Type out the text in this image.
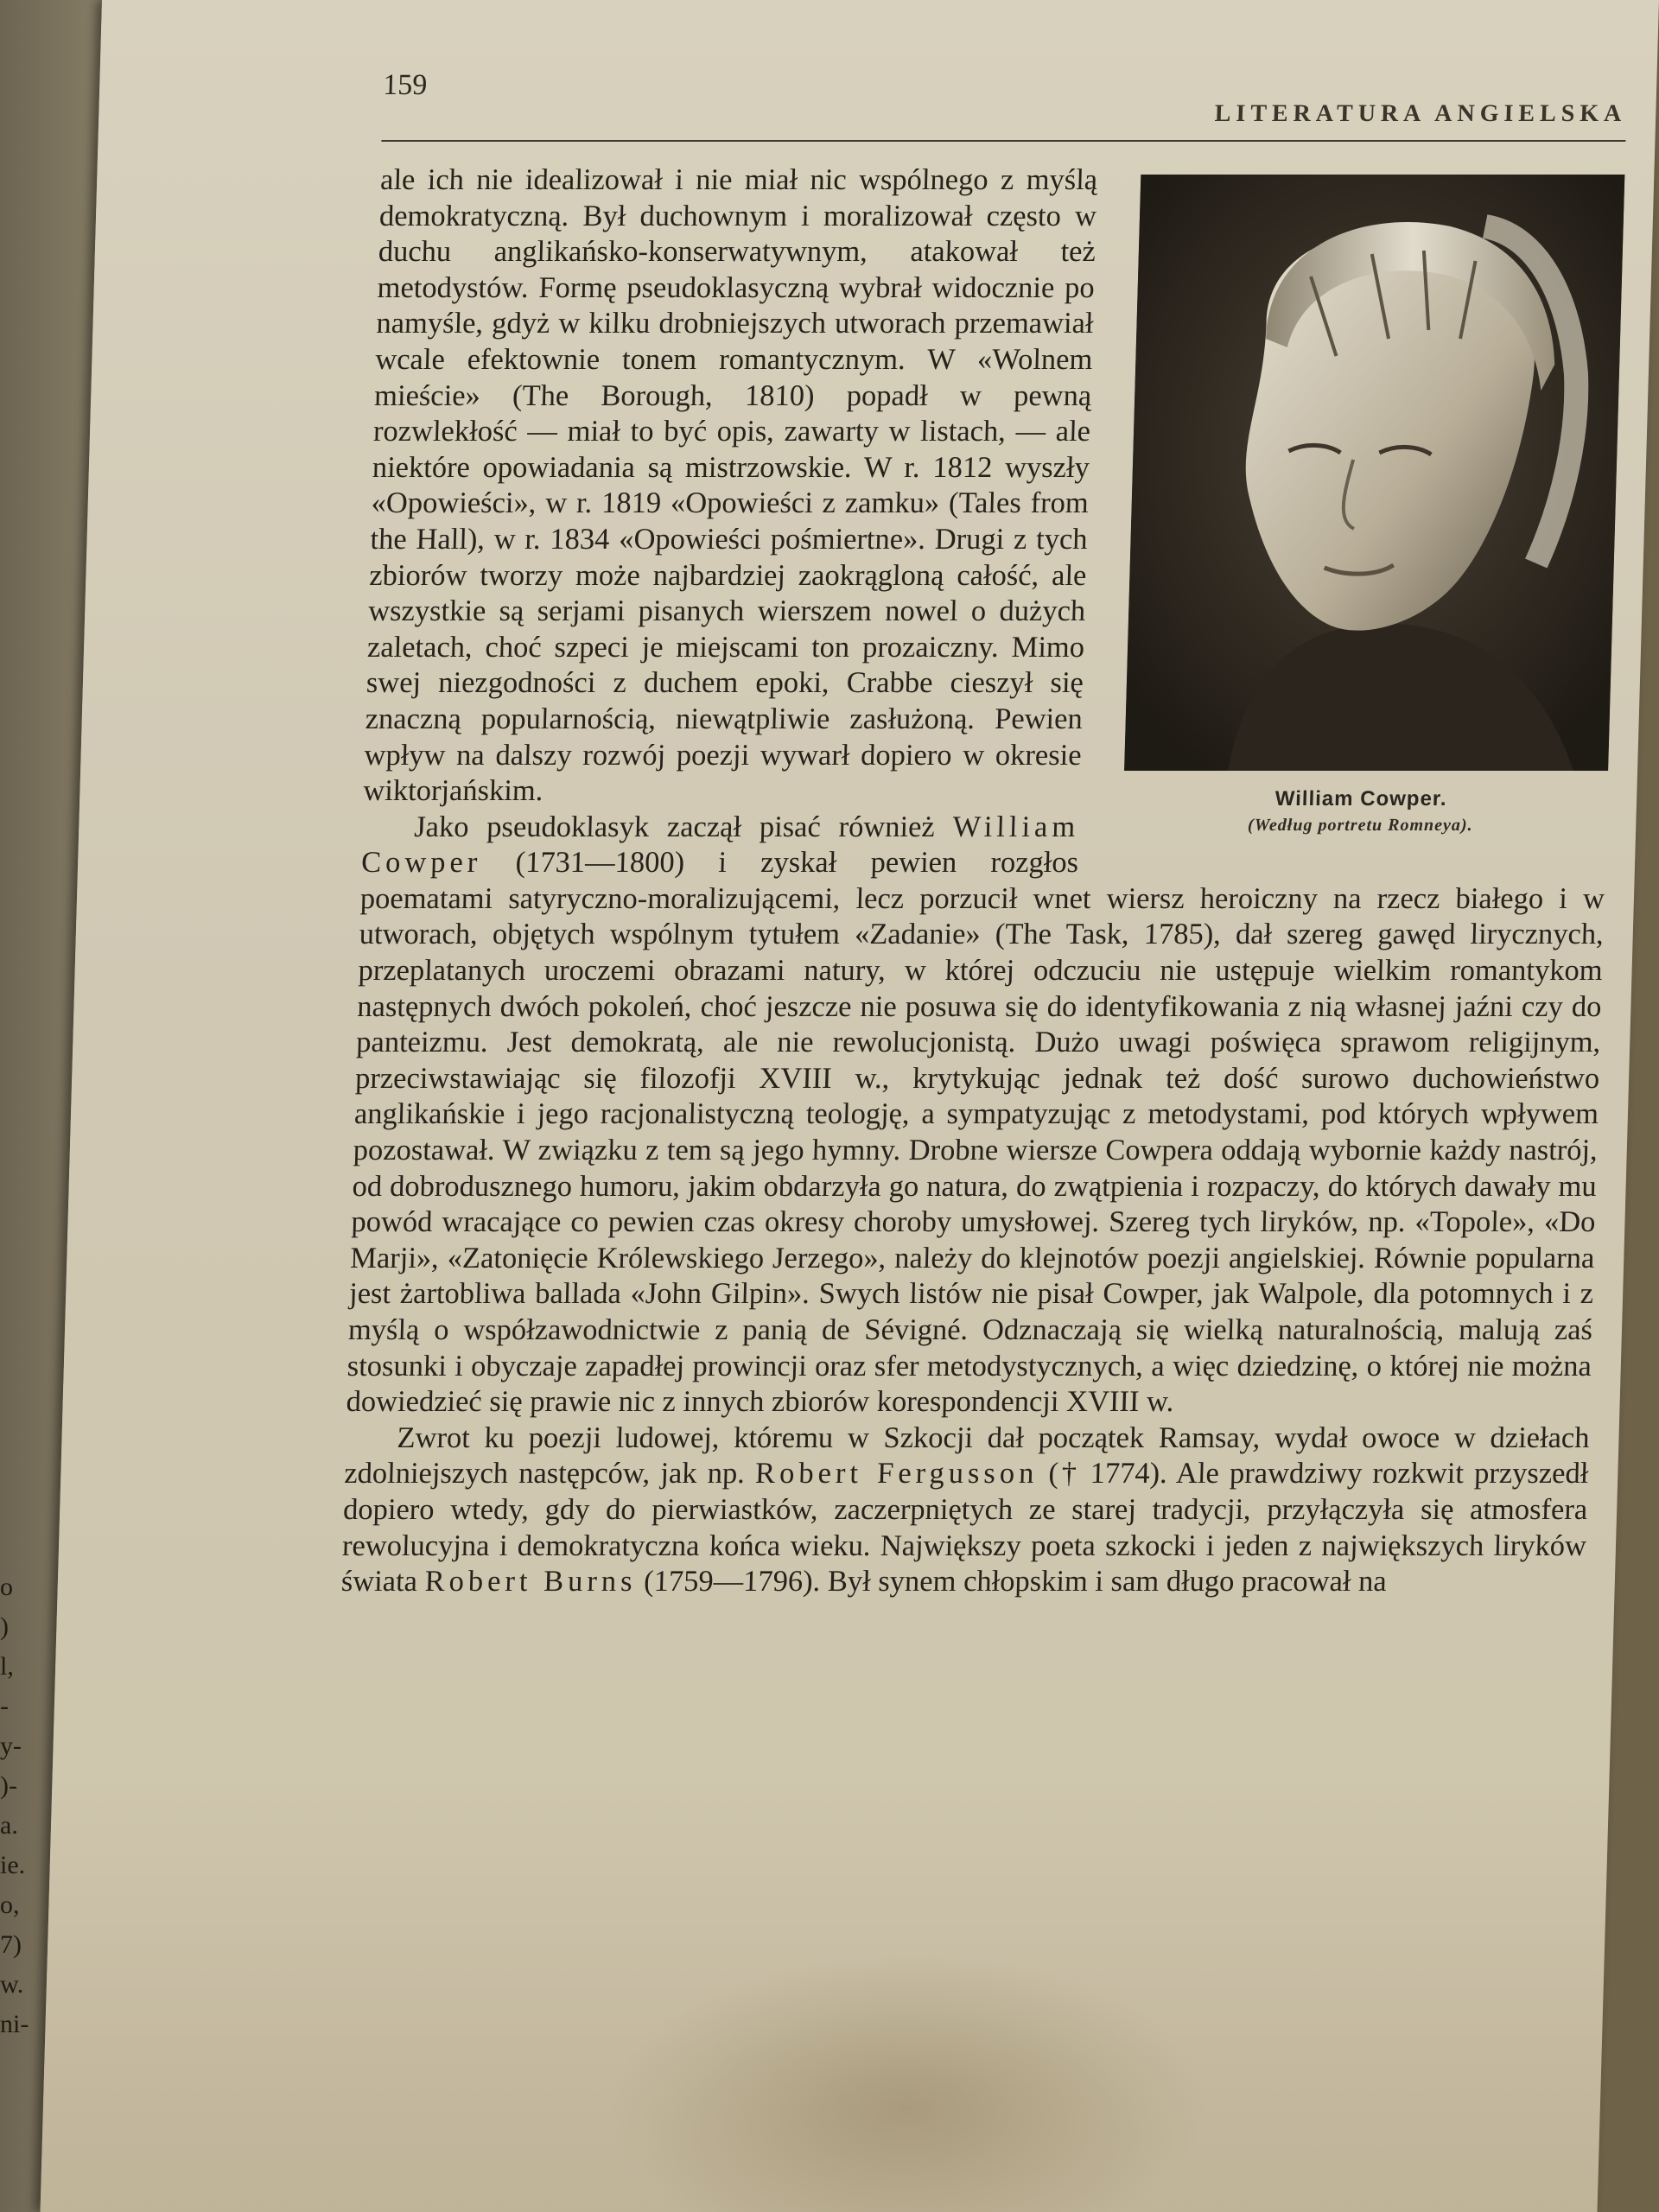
o
)
l,
-
y-
)-
a.
ie.
o,
7)
w.
ni-
159
LITERATURA ANGIELSKA
William Cowper.
(Według portretu Romneya).

ale ich nie idealizował i nie miał nic wspólnego z myślą demokratyczną. Był duchownym i moralizował często w duchu anglikańsko-konserwatywnym, atakował też metodystów. Formę pseudoklasyczną wybrał widocznie po namyśle, gdyż w kilku drobniejszych utworach przemawiał wcale efektownie tonem romantycznym. W «Wolnem mieście» (The Borough, 1810) popadł w pewną rozwlekłość — miał to być opis, zawarty w listach, — ale niektóre opowiadania są mistrzowskie. W r. 1812 wyszły «Opowieści», w r. 1819 «Opowieści z zamku» (Tales from the Hall), w r. 1834 «Opowieści pośmiertne». Drugi z tych zbiorów tworzy może najbardziej zaokrągloną całość, ale wszystkie są serjami pisanych wierszem nowel o dużych zaletach, choć szpeci je miejscami ton prozaiczny. Mimo swej niezgodności z duchem epoki, Crabbe cieszył się znaczną popularnością, niewątpliwie zasłużoną. Pewien wpływ na dalszy rozwój poezji wywarł dopiero w okresie wiktorjańskim.

Jako pseudoklasyk zaczął pisać również William Cowper (1731—1800) i zyskał pewien rozgłos poematami satyryczno-moralizującemi, lecz porzucił wnet wiersz heroiczny na rzecz białego i w utworach, objętych wspólnym tytułem «Zadanie» (The Task, 1785), dał szereg gawęd lirycznych, przeplatanych uroczemi obrazami natury, w której odczuciu nie ustępuje wielkim romantykom następnych dwóch pokoleń, choć jeszcze nie posuwa się do identyfikowania z nią własnej jaźni czy do panteizmu. Jest demokratą, ale nie rewolucjonistą. Dużo uwagi poświęca sprawom religijnym, przeciwstawiając się filozofji XVIII w., krytykując jednak też dość surowo duchowieństwo anglikańskie i jego racjonalistyczną teologję, a sympatyzując z metodystami, pod których wpływem pozostawał. W związku z tem są jego hymny. Drobne wiersze Cowpera oddają wybornie każdy nastrój, od dobrodusznego humoru, jakim obdarzyła go natura, do zwątpienia i rozpaczy, do których dawały mu powód wracające co pewien czas okresy choroby umysłowej. Szereg tych liryków, np. «Topole», «Do Marji», «Zatonięcie Królewskiego Jerzego», należy do klejnotów poezji angielskiej. Równie popularna jest żartobliwa ballada «John Gilpin». Swych listów nie pisał Cowper, jak Walpole, dla potomnych i z myślą o współzawodnictwie z panią de Sévigné. Odznaczają się wielką naturalnością, malują zaś stosunki i obyczaje zapadłej prowincji oraz sfer metodystycznych, a więc dziedzinę, o której nie można dowiedzieć się prawie nic z innych zbiorów korespondencji XVIII w.

Zwrot ku poezji ludowej, któremu w Szkocji dał początek Ramsay, wydał owoce w dziełach zdolniejszych następców, jak np. Robert Fergusson († 1774). Ale prawdziwy rozkwit przyszedł dopiero wtedy, gdy do pierwiastków, zaczerpniętych ze starej tradycji, przyłączyła się atmosfera rewolucyjna i demokratyczna końca wieku. Największy poeta szkocki i jeden z największych liryków świata Robert Burns (1759—1796). Był synem chłopskim i sam długo pracował na
